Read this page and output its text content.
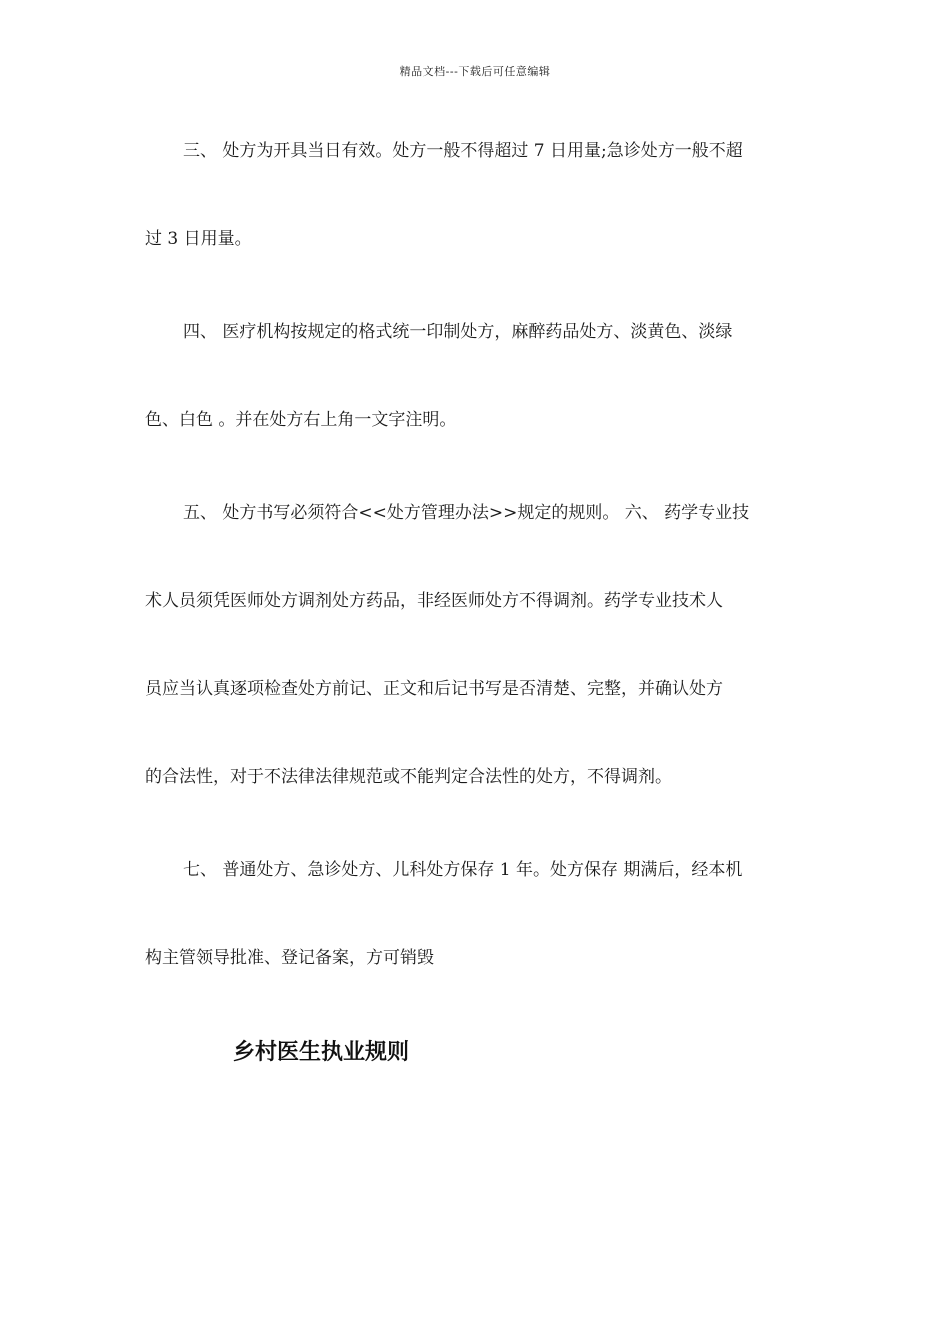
精品文档---下载后可任意编辑
三、 处方为开具当日有效。处方一般不得超过 7 日用量;急诊处方一般不超
过 3 日用量。
四、 医疗机构按规定的格式统一印制处方，麻醉药品处方、淡黄色、淡绿
色、白色 。并在处方右上角一文字注明。
五、 处方书写必须符合<<处方管理办法>>规定的规则。 六、 药学专业技
术人员须凭医师处方调剂处方药品，非经医师处方不得调剂。药学专业技术人
员应当认真逐项检查处方前记、正文和后记书写是否清楚、完整，并确认处方
的合法性，对于不法律法律规范或不能判定合法性的处方，不得调剂。
七、 普通处方、急诊处方、儿科处方保存 1 年。处方保存 期满后，经本机
构主管领导批准、登记备案，方可销毁
乡村医生执业规则
